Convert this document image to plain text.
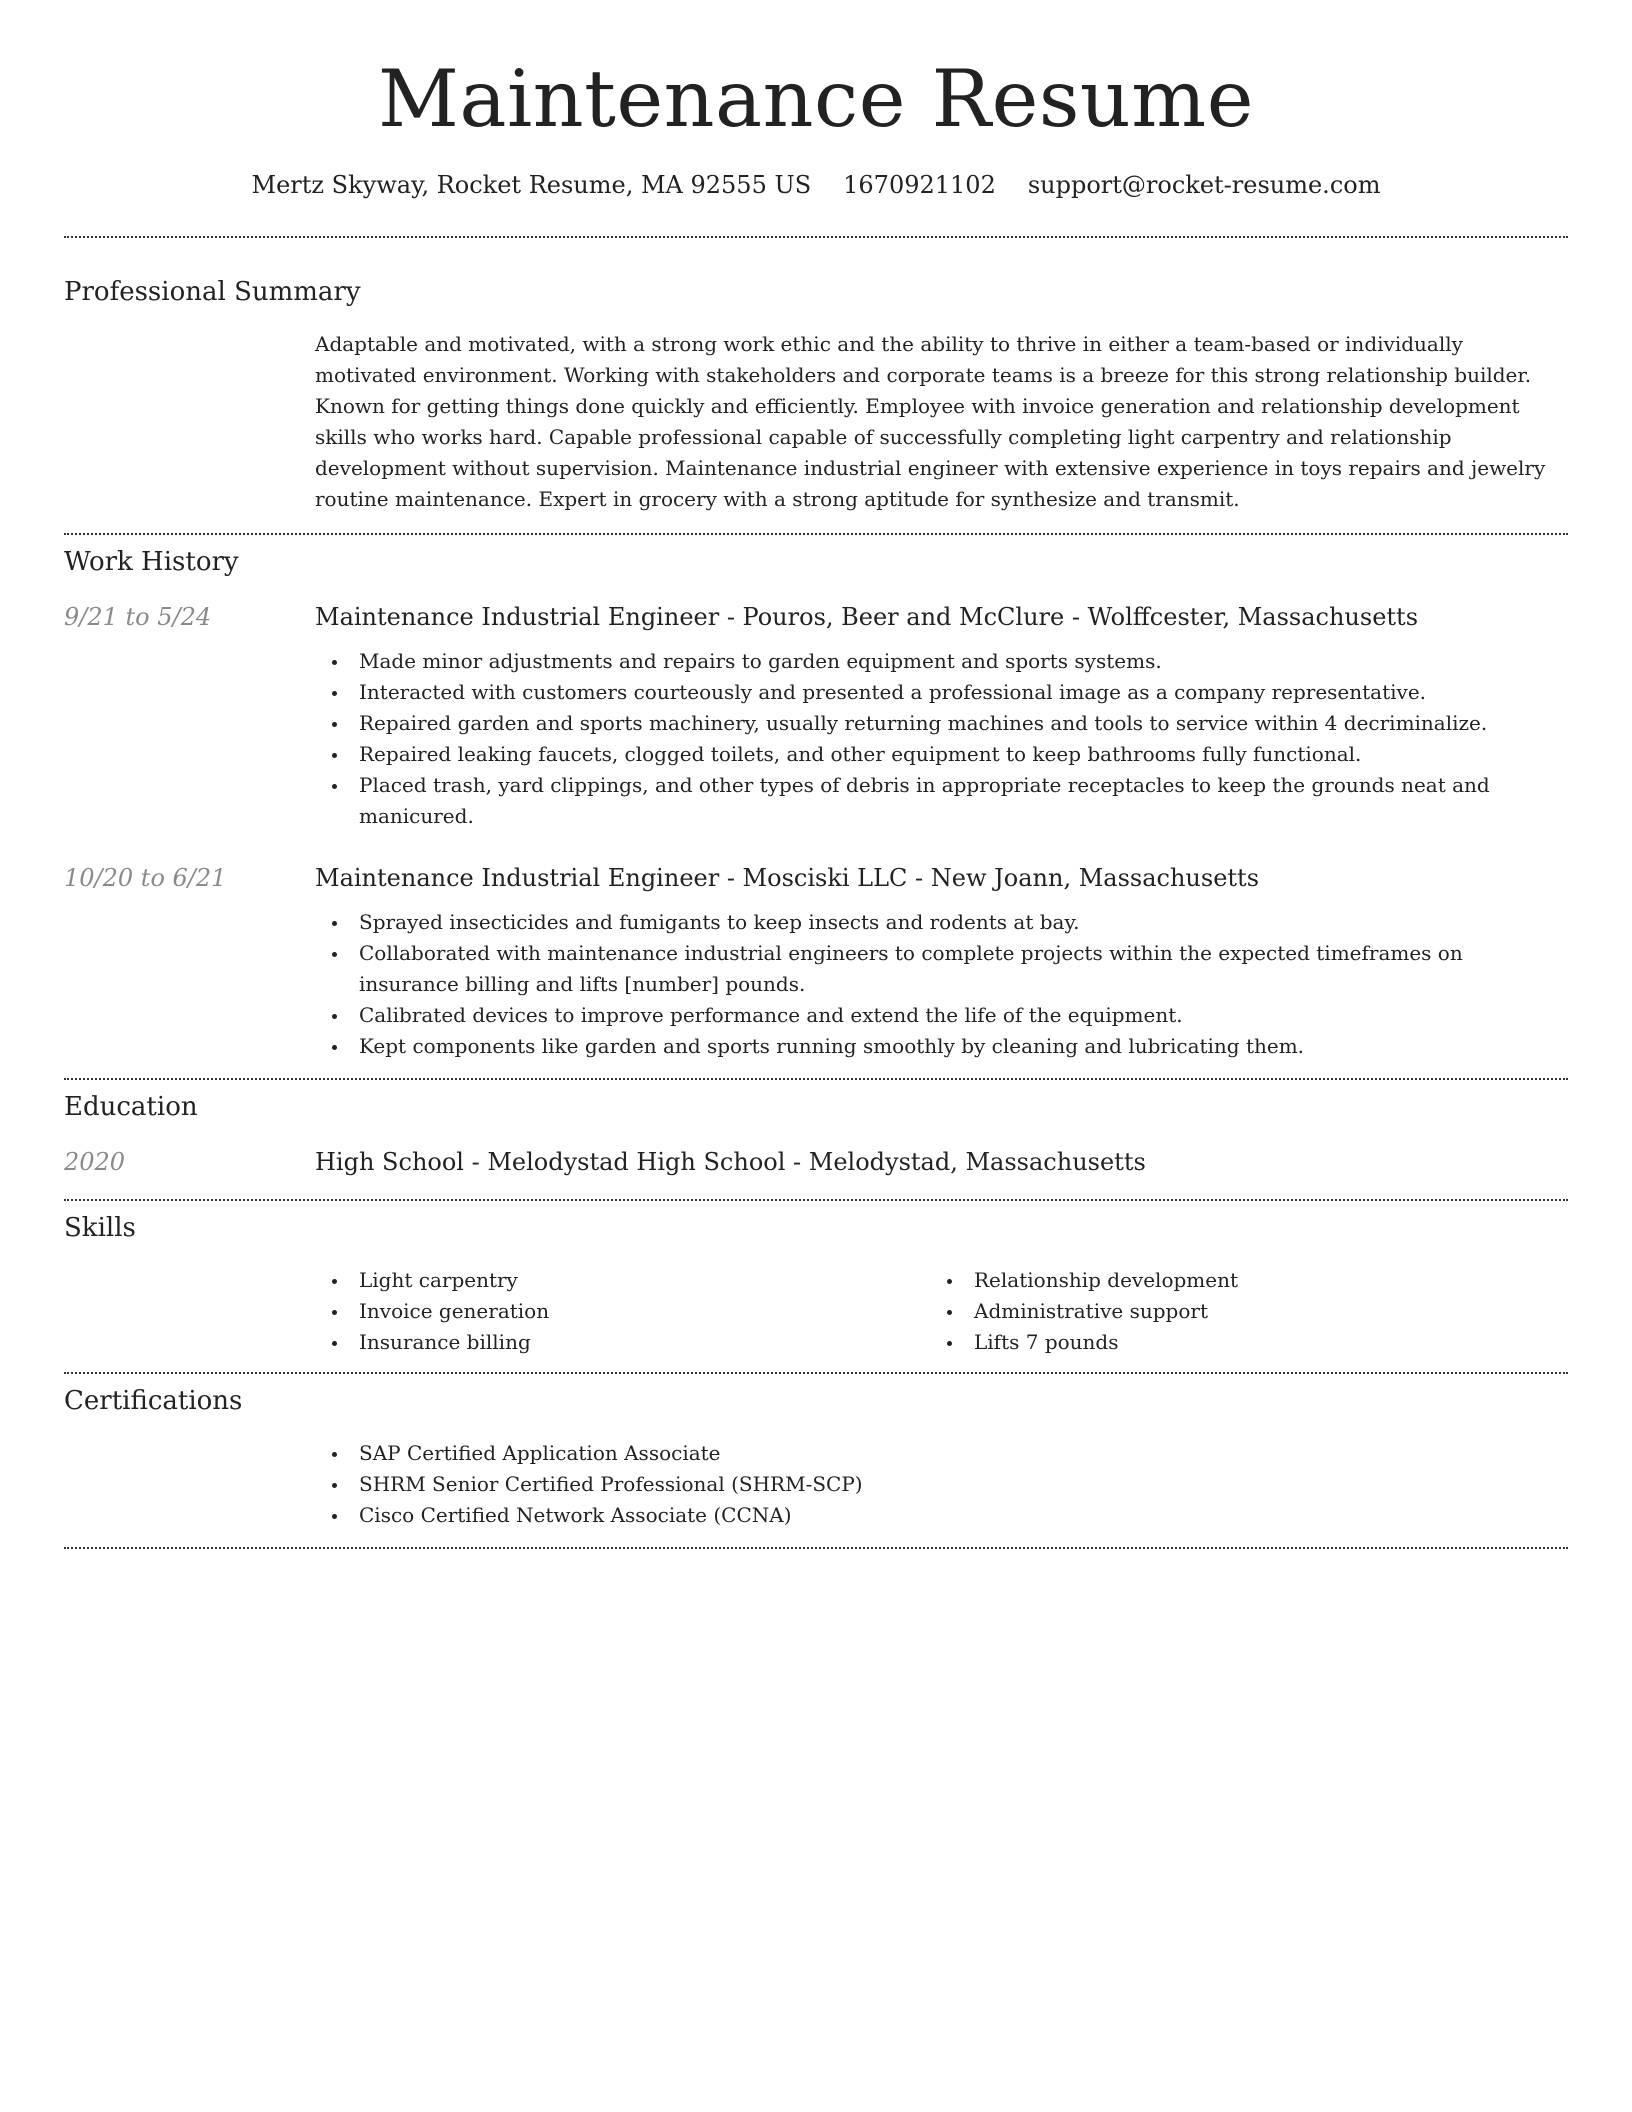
Maintenance Resume
Mertz Skyway, Rocket Resume, MA 92555 US 1670921102 support@rocket-resume.com
Professional Summary

Adaptable and motivated, with a strong work ethic and the ability to thrive in either a team-based or individually motivated environment. Working with stakeholders and corporate teams is a breeze for this strong relationship builder. Known for getting things done quickly and efficiently. Employee with invoice generation and relationship development skills who works hard. Capable professional capable of successfully completing light carpentry and relationship development without supervision. Maintenance industrial engineer with extensive experience in toys repairs and jewelry routine maintenance. Expert in grocery with a strong aptitude for synthesize and transmit.

Work History
9/21 to 5/24	Maintenance Industrial Engineer - Pouros, Beer and McClure - Wolffcester, Massachusetts
Made minor adjustments and repairs to garden equipment and sports systems.
Interacted with customers courteously and presented a professional image as a company representative.
Repaired garden and sports machinery, usually returning machines and tools to service within 4 decriminalize.
Repaired leaking faucets, clogged toilets, and other equipment to keep bathrooms fully functional.
Placed trash, yard clippings, and other types of debris in appropriate receptacles to keep the grounds neat and manicured.
10/20 to 6/21	Maintenance Industrial Engineer - Mosciski LLC - New Joann, Massachusetts
Sprayed insecticides and fumigants to keep insects and rodents at bay.
Collaborated with maintenance industrial engineers to complete projects within the expected timeframes on insurance billing and lifts [number] pounds.
Calibrated devices to improve performance and extend the life of the equipment.
Kept components like garden and sports running smoothly by cleaning and lubricating them.
Education
2020	High School - Melodystad High School - Melodystad, Massachusetts
Skills
Light carpentry
Invoice generation
Insurance billing
Relationship development
Administrative support
Lifts 7 pounds
Certifications
SAP Certified Application Associate
SHRM Senior Certified Professional (SHRM-SCP)
Cisco Certified Network Associate (CCNA)
